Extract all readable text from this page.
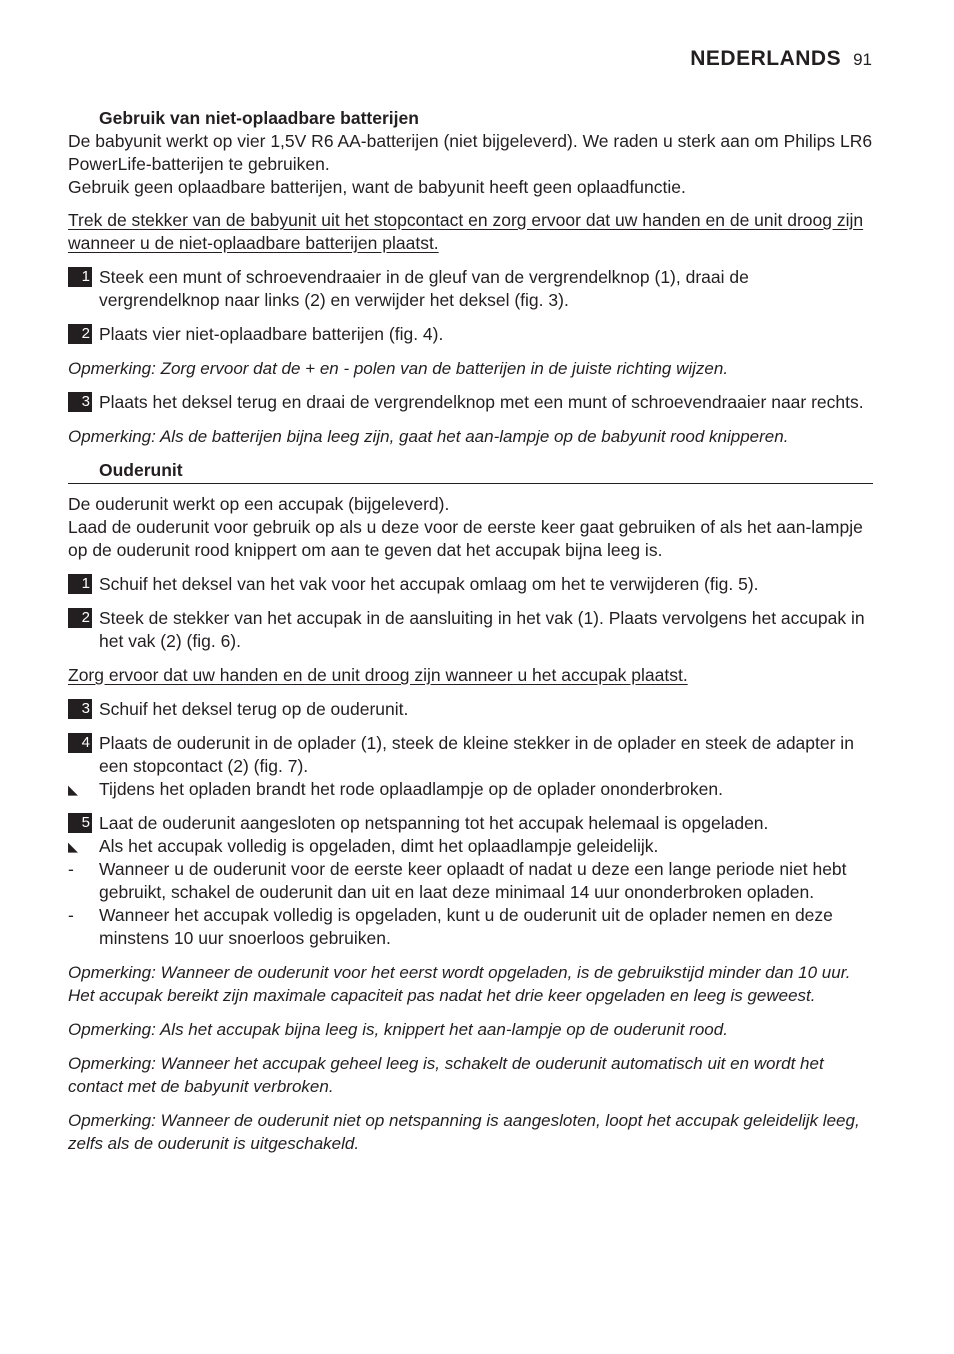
NEDERLANDS 91
Gebruik van niet-oplaadbare batterijen
De babyunit werkt op vier 1,5V R6 AA-batterijen (niet bijgeleverd). We raden u sterk aan om Philips LR6 PowerLife-batterijen te gebruiken.
Gebruik geen oplaadbare batterijen, want de babyunit heeft geen oplaadfunctie.
Trek de stekker van de babyunit uit het stopcontact en zorg ervoor dat uw handen en de unit droog zijn wanneer u de niet-oplaadbare batterijen plaatst.
1 Steek een munt of schroevendraaier in de gleuf van de vergrendelknop (1), draai de vergrendelknop naar links (2) en verwijder het deksel (fig. 3).
2 Plaats vier niet-oplaadbare batterijen (fig. 4).
Opmerking: Zorg ervoor dat de + en - polen van de batterijen in de juiste richting wijzen.
3 Plaats het deksel terug en draai de vergrendelknop met een munt of schroevendraaier naar rechts.
Opmerking: Als de batterijen bijna leeg zijn, gaat het aan-lampje op de babyunit rood knipperen.
Ouderunit
De ouderunit werkt op een accupak (bijgeleverd).
Laad de ouderunit voor gebruik op als u deze voor de eerste keer gaat gebruiken of als het aan-lampje op de ouderunit rood knippert om aan te geven dat het accupak bijna leeg is.
1 Schuif het deksel van het vak voor het accupak omlaag om het te verwijderen (fig. 5).
2 Steek de stekker van het accupak in de aansluiting in het vak (1). Plaats vervolgens het accupak in het vak (2) (fig. 6).
Zorg ervoor dat uw handen en de unit droog zijn wanneer u het accupak plaatst.
3 Schuif het deksel terug op de ouderunit.
4 Plaats de ouderunit in de oplader (1), steek de kleine stekker in de oplader en steek de adapter in een stopcontact (2) (fig. 7).
◣ Tijdens het opladen brandt het rode oplaadlampje op de oplader ononderbroken.
5 Laat de ouderunit aangesloten op netspanning tot het accupak helemaal is opgeladen.
◣ Als het accupak volledig is opgeladen, dimt het oplaadlampje geleidelijk.
- Wanneer u de ouderunit voor de eerste keer oplaadt of nadat u deze een lange periode niet hebt gebruikt, schakel de ouderunit dan uit en laat deze minimaal 14 uur ononderbroken opladen.
- Wanneer het accupak volledig is opgeladen, kunt u de ouderunit uit de oplader nemen en deze minstens 10 uur snoerloos gebruiken.
Opmerking: Wanneer de ouderunit voor het eerst wordt opgeladen, is de gebruikstijd minder dan 10 uur. Het accupak bereikt zijn maximale capaciteit pas nadat het drie keer opgeladen en leeg is geweest.
Opmerking: Als het accupak bijna leeg is, knippert het aan-lampje op de ouderunit rood.
Opmerking: Wanneer het accupak geheel leeg is, schakelt de ouderunit automatisch uit en wordt het contact met de babyunit verbroken.
Opmerking: Wanneer de ouderunit niet op netspanning is aangesloten, loopt het accupak geleidelijk leeg, zelfs als de ouderunit is uitgeschakeld.
